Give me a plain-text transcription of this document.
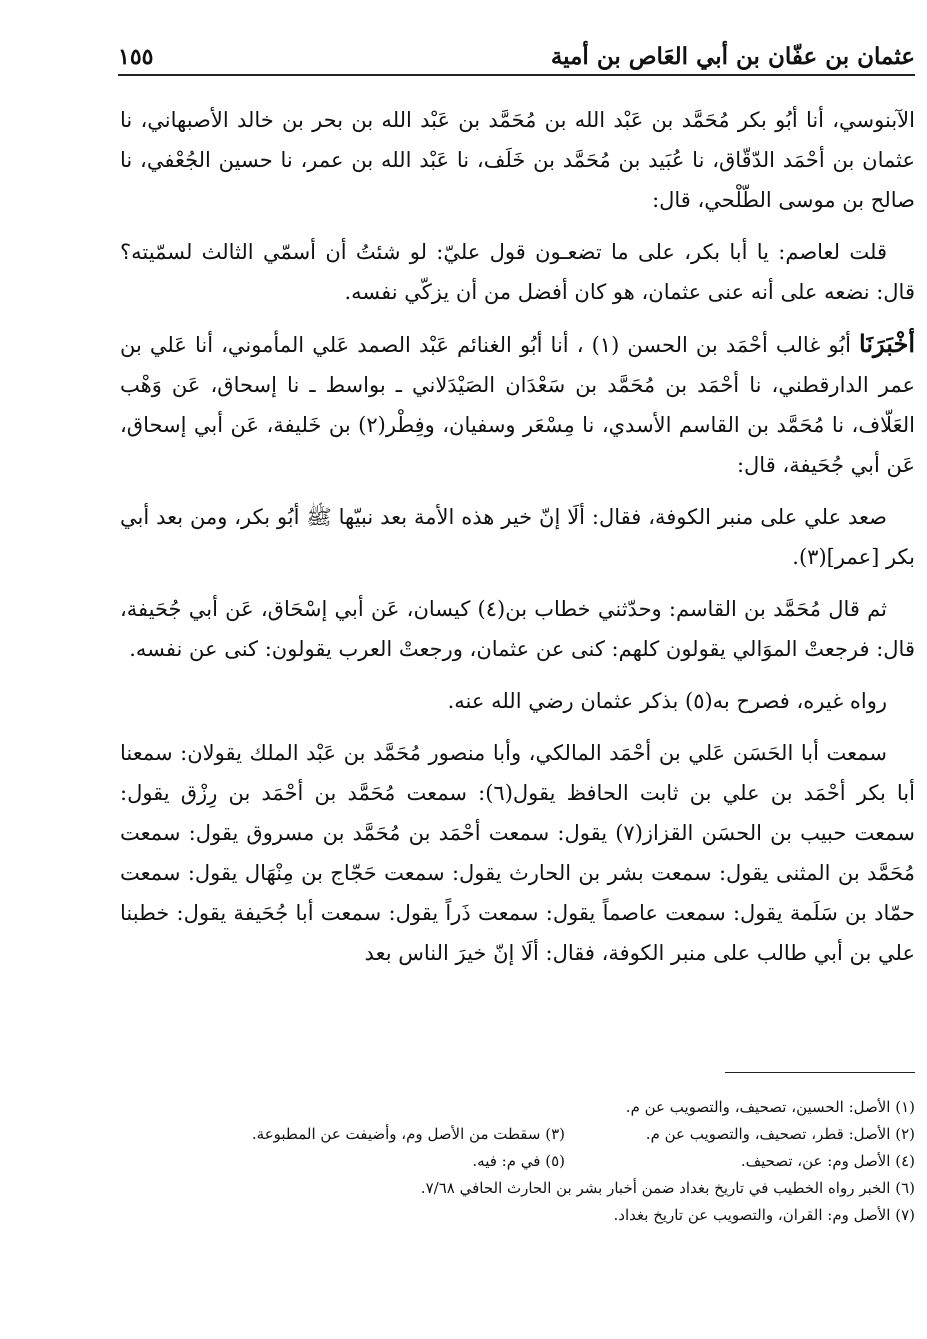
عثمان بن عفّان بن أبي العَاص بن أمية
١٥٥

الآبنوسي، أنا أبُو بكر مُحَمَّد بن عَبْد الله بن مُحَمَّد بن عَبْد الله بن بحر بن خالد الأصبهاني، نا عثمان بن أحْمَد الدّقّاق، نا عُبَيد بن مُحَمَّد بن خَلَف، نا عَبْد الله بن عمر، نا حسين الجُعْفي، نا صالح بن موسى الطّلْحي، قال:

قلت لعاصم: يا أبا بكر، على ما تضعـون قول عليّ: لو شئتُ أن أسمّي الثالث لسمّيته؟ قال: نضعه على أنه عنى عثمان، هو كان أفضل من أن يزكّي نفسه.

أخْبَرَنَا أبُو غالب أحْمَد بن الحسن (١) ، أنا أبُو الغنائم عَبْد الصمد عَلي المأموني، أنا عَلي بن عمر الدارقطني، نا أحْمَد بن مُحَمَّد بن سَعْدَان الصَيْدَلاني ـ بواسط ـ نا إسحاق، عَن وَهْب العَلّاف، نا مُحَمَّد بن القاسم الأسدي، نا مِسْعَر وسفيان، وفِطْر(٢) بن خَليفة، عَن أبي إسحاق، عَن أبي جُحَيفة، قال:

صعد علي على منبر الكوفة، فقال: ألَا إنّ خير هذه الأمة بعد نبيّها ﷺ أبُو بكر، ومن بعد أبي بكر [عمر](٣).

ثم قال مُحَمَّد بن القاسم: وحدّثني خطاب بن(٤) كيسان، عَن أبي إسْحَاق، عَن أبي جُحَيفة، قال: فرجعتْ الموَالي يقولون كلهم: كنى عن عثمان، ورجعتْ العرب يقولون: كنى عن نفسه.

رواه غيره، فصرح به(٥) بذكر عثمان رضي الله عنه.

سمعت أبا الحَسَن عَلي بن أحْمَد المالكي، وأبا منصور مُحَمَّد بن عَبْد الملك يقولان: سمعنا أبا بكر أحْمَد بن علي بن ثابت الحافظ يقول(٦): سمعت مُحَمَّد بن أحْمَد بن رِزْق يقول: سمعت حبيب بن الحسَن القزاز(٧) يقول: سمعت أحْمَد بن مُحَمَّد بن مسروق يقول: سمعت مُحَمَّد بن المثنى يقول: سمعت بشر بن الحارث يقول: سمعت حَجّاج بن مِنْهَال يقول: سمعت حمّاد بن سَلَمة يقول: سمعت عاصماً يقول: سمعت ذَراً يقول: سمعت أبا جُحَيفة يقول: خطبنا علي بن أبي طالب على منبر الكوفة، فقال: ألَا إنّ خيرَ الناس بعد

(١) الأصل: الحسين، تصحيف، والتصويب عن م.
(٢) الأصل: قطر، تصحيف، والتصويب عن م.
(٣) سقطت من الأصل وم، وأضيفت عن المطبوعة.
(٤) الأصل وم: عن، تصحيف.
(٥) في م: فيه.
(٦) الخبر رواه الخطيب في تاريخ بغداد ضمن أخبار بشر بن الحارث الحافي ٧/٦٨.
(٧) الأصل وم: القران، والتصويب عن تاريخ بغداد.
